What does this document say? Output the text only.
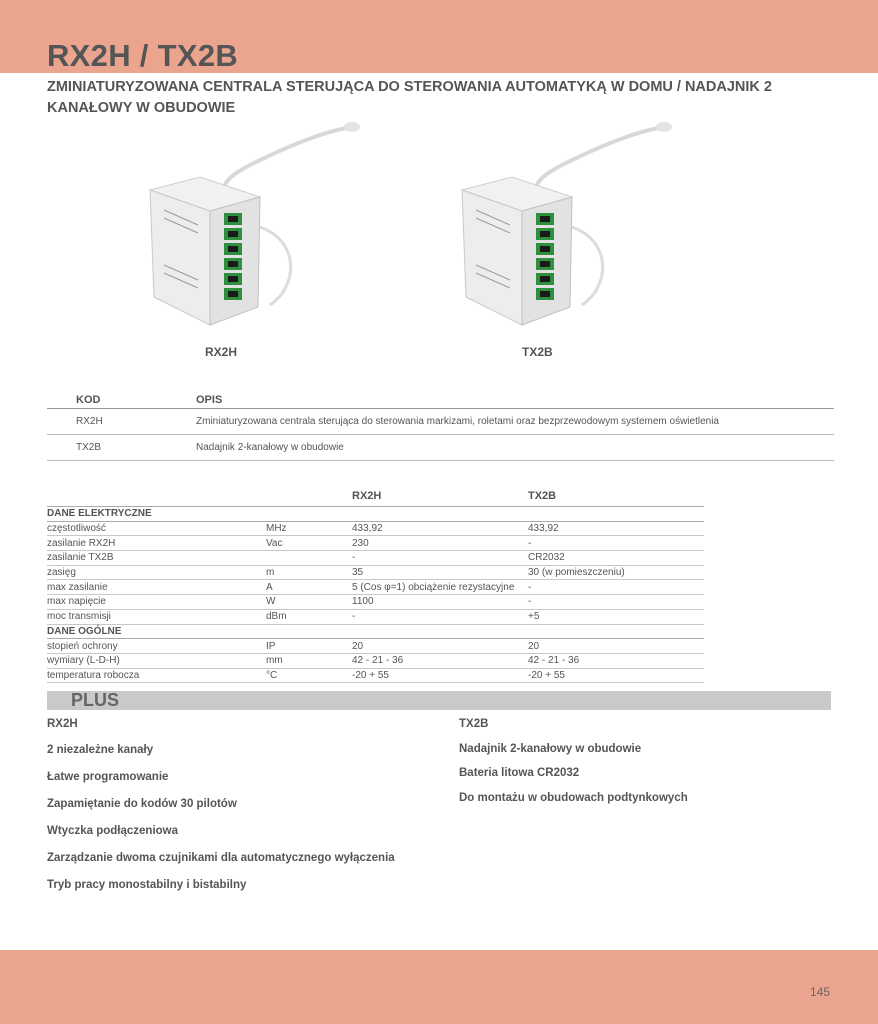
RX2H / TX2B

ZMINIATURYZOWANA CENTRALA STERUJĄCA DO STEROWANIA AUTOMATYKĄ W DOMU / NADAJNIK 2 KANAŁOWY W OBUDOWIE

RX2H	TX2B
KOD	OPIS
RX2H	Zminiaturyzowana centrala sterująca do sterowania markizami, roletami oraz bezprzewodowym systemem oświetlenia
TX2B	Nadajnik 2-kanałowy w obudowie
		RX2H	TX2B
DANE ELEKTRYCZNE			
częstotliwość	MHz	433,92	433,92
zasilanie RX2H	Vac	230	-
zasilanie TX2B		-	CR2032
zasięg	m	35	30 (w pomieszczeniu)
max zasilanie	A	5 (Cos φ=1) obciążenie rezystacyjne	-
max napięcie	W	1100	-
moc transmisji	dBm	-	+5
DANE OGÓLNE			
stopień ochrony	IP	20	20
wymiary (L-D-H)	mm	42 - 21 - 36	42 - 21 - 36
temperatura robocza	°C	-20 + 55	-20 + 55
PLUS
RX2H
2 niezależne kanały
Łatwe programowanie
Zapamiętanie do kodów 30 pilotów
Wtyczka podłączeniowa
Zarządzanie dwoma czujnikami dla automatycznego wyłączenia
Tryb pracy monostabilny i bistabilny
TX2B
Nadajnik 2-kanałowy w obudowie
Bateria litowa CR2032
Do montażu w obudowach podtynkowych
145
